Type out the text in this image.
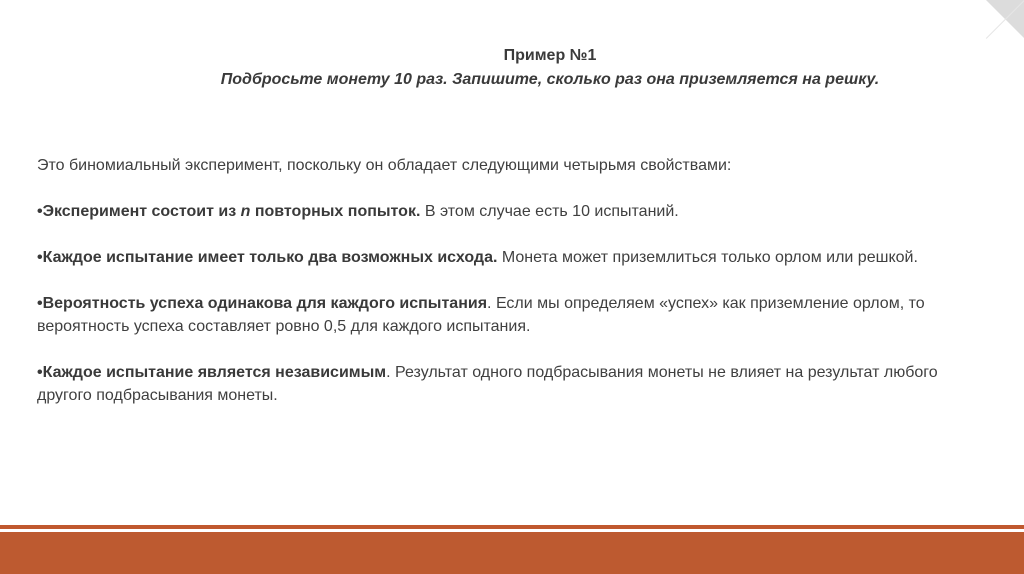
Пример №1
Подбросьте монету 10 раз. Запишите, сколько раз она приземляется на решку.

Это биномиальный эксперимент, поскольку он обладает следующими четырьмя свойствами:

•Эксперимент состоит из n повторных попыток. В этом случае есть 10 испытаний.

•Каждое испытание имеет только два возможных исхода. Монета может приземлиться только орлом или решкой.

•Вероятность успеха одинакова для каждого испытания. Если мы определяем «успех» как приземление орлом, то вероятность успеха составляет ровно 0,5 для каждого испытания.

•Каждое испытание является независимым. Результат одного подбрасывания монеты не влияет на результат любого другого подбрасывания монеты.
